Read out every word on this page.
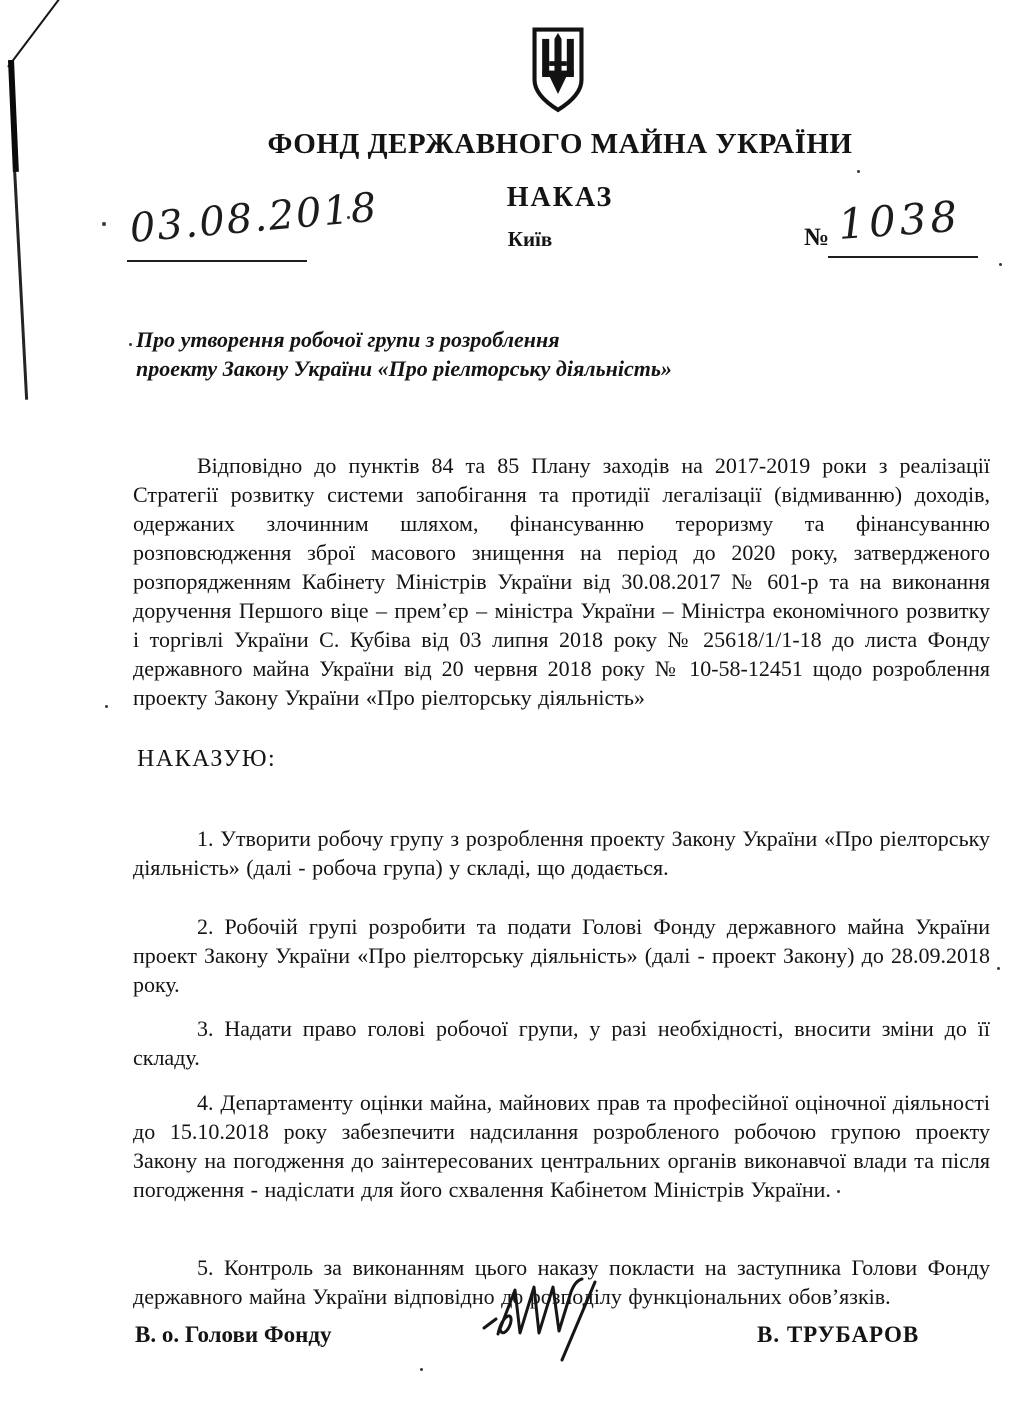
ФОНД ДЕРЖАВНОГО МАЙНА УКРАЇНИ
НАКАЗ
03.08.2018	Київ	№ 1038
Про утворення робочої групи з розроблення
проекту Закону України «Про ріелторську діяльність»

Відповідно до пунктів 84 та 85 Плану заходів на 2017-2019 роки з реалізації Стратегії розвитку системи запобігання та протидії легалізації (відмиванню) доходів, одержаних злочинним шляхом, фінансуванню тероризму та фінансуванню розповсюдження зброї масового знищення на період до 2020 року, затвердженого розпорядженням Кабінету Міністрів України від 30.08.2017 № 601-р та на виконання доручення Першого віце – прем’єр – міністра України – Міністра економічного розвитку і торгівлі України С. Кубіва від 03 липня 2018 року № 25618/1/1-18 до листа Фонду державного майна України від 20 червня 2018 року № 10-58-12451 щодо розроблення проекту Закону України «Про ріелторську діяльність»

НАКАЗУЮ:

1. Утворити робочу групу з розроблення проекту Закону України «Про ріелторську діяльність» (далі - робоча група) у складі, що додається.

2. Робочій групі розробити та подати Голові Фонду державного майна України проект Закону України «Про ріелторську діяльність» (далі - проект Закону) до 28.09.2018 року.

3. Надати право голові робочої групи, у разі необхідності, вносити зміни до її складу.

4. Департаменту оцінки майна, майнових прав та професійної оціночної діяльності до 15.10.2018 року забезпечити надсилання розробленого робочою групою проекту Закону на погодження до заінтересованих центральних органів виконавчої влади та після погодження - надіслати для його схвалення Кабінетом Міністрів України.

5. Контроль за виконанням цього наказу покласти на заступника Голови Фонду державного майна України відповідно до розподілу функціональних обов’язків.

В. о. Голови Фонду	В. ТРУБАРОВ
